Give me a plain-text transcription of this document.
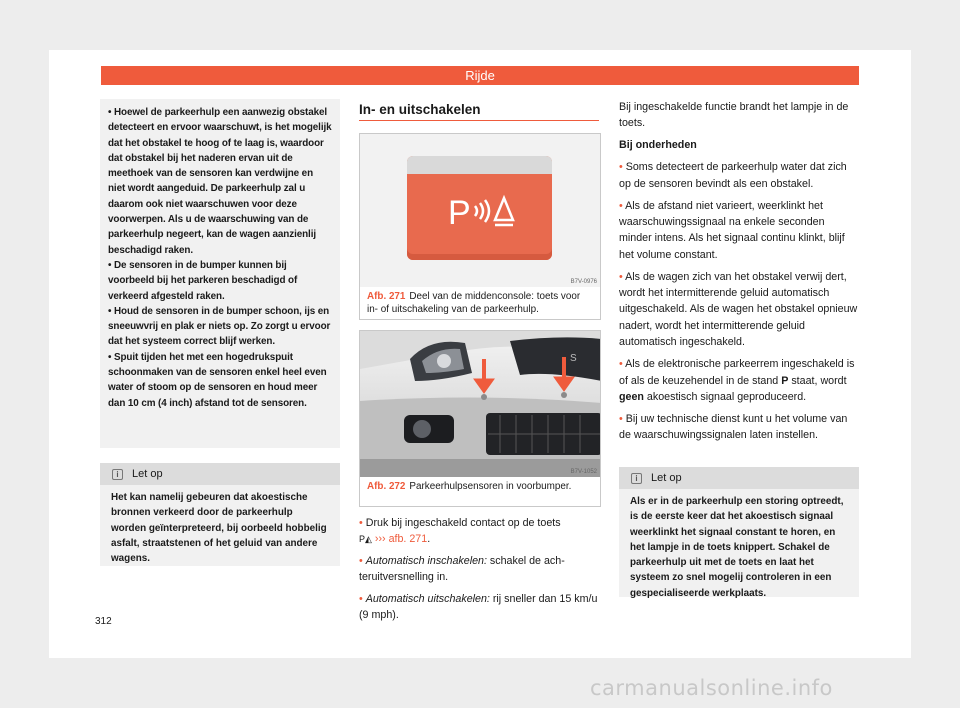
Rijde

• Hoewel de parkeerhulp een aanwezig obstakel detecteert en ervoor waarschuwt, is het mogelijk dat het obstakel te hoog of te laag is, waardoor dat obstakel bij het naderen ervan uit de meethoek van de sensoren kan verdwijne en niet wordt aangeduid. De parkeerhulp zal u daarom ook niet waarschuwen voor deze voorwerpen. Als u de waarschuwing van de parkeerhulp negeert, kan de wagen aanzienlij beschadigd raken.

• De sensoren in de bumper kunnen bij voorbeeld bij het parkeren beschadigd of verkeerd afgesteld raken.

• Houd de sensoren in de bumper schoon, ijs en sneeuwvrij en plak er niets op. Zo zorgt u ervoor dat het systeem correct blijf werken.

• Spuit tijden het met een hogedrukspuit schoonmaken van de sensoren enkel heel even water of stoom op de sensoren en houd meer dan 10 cm (4 inch) afstand tot de sensoren.

i	Let op
Het kan namelij gebeuren dat akoestische bronnen verkeerd door de parkeerhulp worden geïnterpreteerd, bij oorbeeld hobbelig asfalt, straatstenen of het geluid van andere wagens.
In- en uitschakelen
P
B7V-0976
Afb. 271 Deel van de middenconsole: toets voor in- of uitschakeling van de parkeerhulp.
S
B7V-1052
Afb. 272 Parkeerhulpsensoren in voorbumper.

• Druk bij ingeschakeld contact op de toets
P◭ ››› afb. 271.

• Automatisch inschakelen: schakel de achteruitversnelling in.

• Automatisch uitschakelen: rij sneller dan 15 km/u (9 mph).

Bij ingeschakelde functie brandt het lampje in de toets.

Bij onderheden

• Soms detecteert de parkeerhulp water dat zich op de sensoren bevindt als een obstakel.

• Als de afstand niet varieert, weerklinkt het waarschuwingssignaal na enkele seconden minder intens. Als het signaal continu klinkt, blijf het volume constant.

• Als de wagen zich van het obstakel verwij dert, wordt het intermitterende geluid automatisch uitgeschakeld. Als de wagen het obstakel opnieuw nadert, wordt het intermitterende geluid automatisch ingeschakeld.

• Als de elektronische parkeerrem ingeschakeld is of als de keuzehendel in de stand P staat, wordt geen akoestisch signaal geproduceerd.

• Bij uw technische dienst kunt u het volume van de waarschuwingssignalen laten instellen.

i	Let op
Als er in de parkeerhulp een storing optreedt, is de eerste keer dat het akoestisch signaal weerklinkt het signaal constant te horen, en het lampje in de toets knippert. Schakel de parkeerhulp uit met de toets en laat het systeem zo snel mogelij controleren in een gespecialiseerde werkplaats.
312
carmanualsonline.info
